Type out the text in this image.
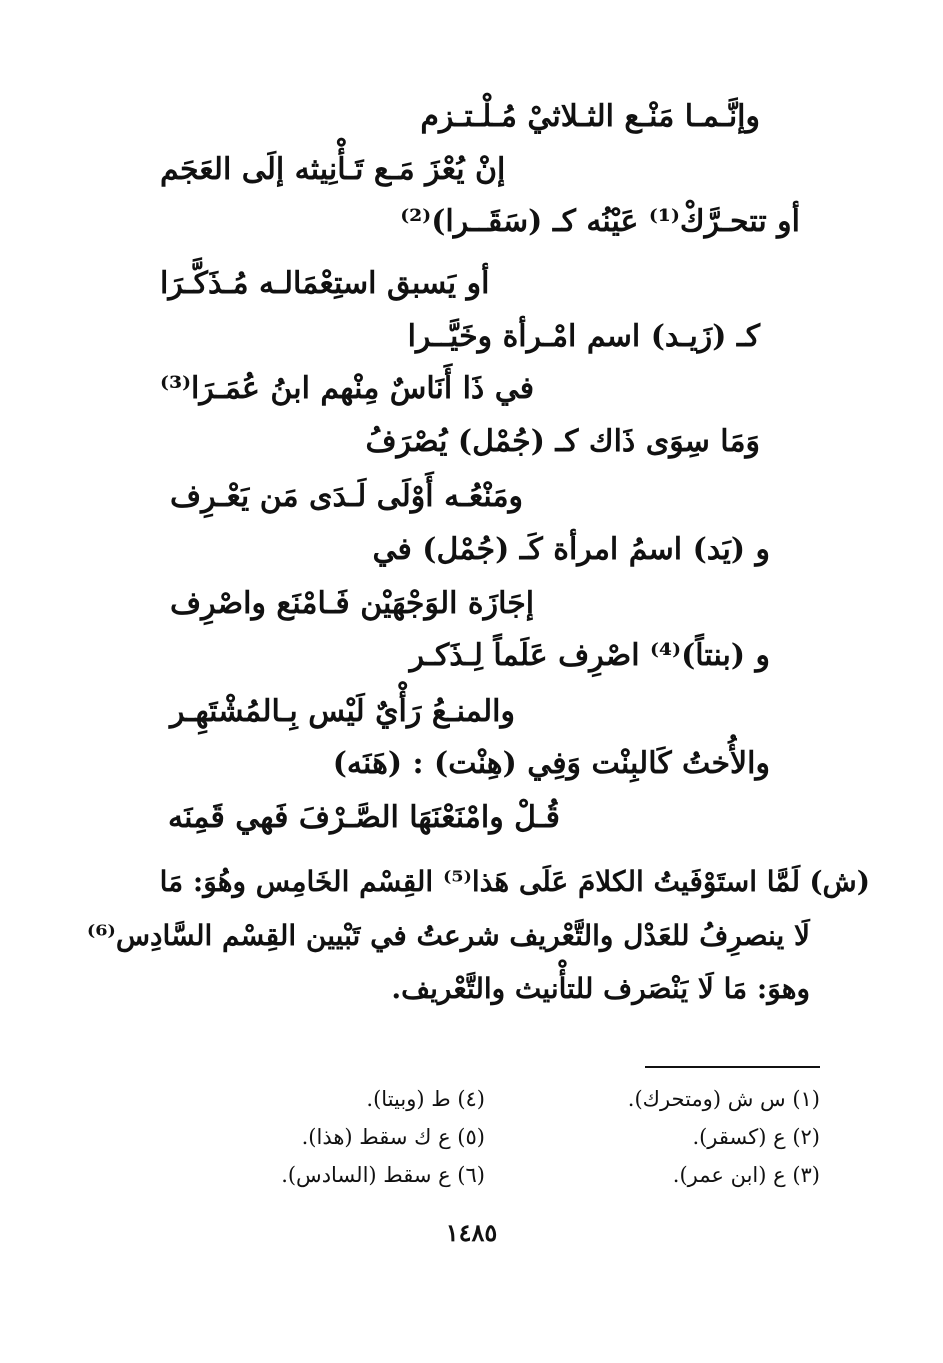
وإنَّـمـا مَنْـع الثـلاثيْ مُـلْـتـزم
إنْ يُعْزَ مَـع تَـأْنِيثه إلَى العَجَم
أو تتحـرَّكْ⁽¹⁾ عَيْنُه كـ (سَقَــرا)⁽²⁾
أو يَسبق استِعْمَالـه مُـذَكَّـرَا
كـ (زَيـد) اسم امْـرأة وخَيَّــرا
في ذَا أَنَاسٌ مِنْهم ابنُ عُمَـرَا⁽³⁾
وَمَا سِوَى ذَاك كـ (جُمْل) يُصْرَفُ
ومَنْعُـه أَوْلَى لَـدَى مَن يَعْـرِف
و (يَد) اسمُ امرأة كَـ (جُمْل) في
إجَازَة الوَجْهَيْن فَـامْنَع واصْرِف
و (بنتاً)⁽⁴⁾ اصْرِف عَلَماً لِـذَكـر
والمنـعُ رَأْيٌ لَيْس بِـالمُشْتَهِـر
والأُختُ كَالبِنْت وَفِي (هِنْت) : (هَنَه)
قُـلْ وامْنَعْنَهَا الصَّـرْفَ فَهي قَمِنَه
(ش)
لَمَّا استَوْفَيتُ الكلامَ عَلَى هَذا⁽⁵⁾ القِسْم الخَامِس وهُوَ: مَا
لَا ينصرِفُ للعَدْل والتَّعْريف شرعتُ في تَبْيين القِسْم السَّادِس⁽⁶⁾
وهوَ: مَا لَا يَنْصَرف للتأْنيث والتَّعْريف.
(١) س ش (ومتحرك).
(٢) ع (كسقر).
(٣) ع (ابن عمر).
(٤) ط (وبيتا).
(٥) ع ك سقط (هذا).
(٦) ع سقط (السادس).
١٤٨٥
